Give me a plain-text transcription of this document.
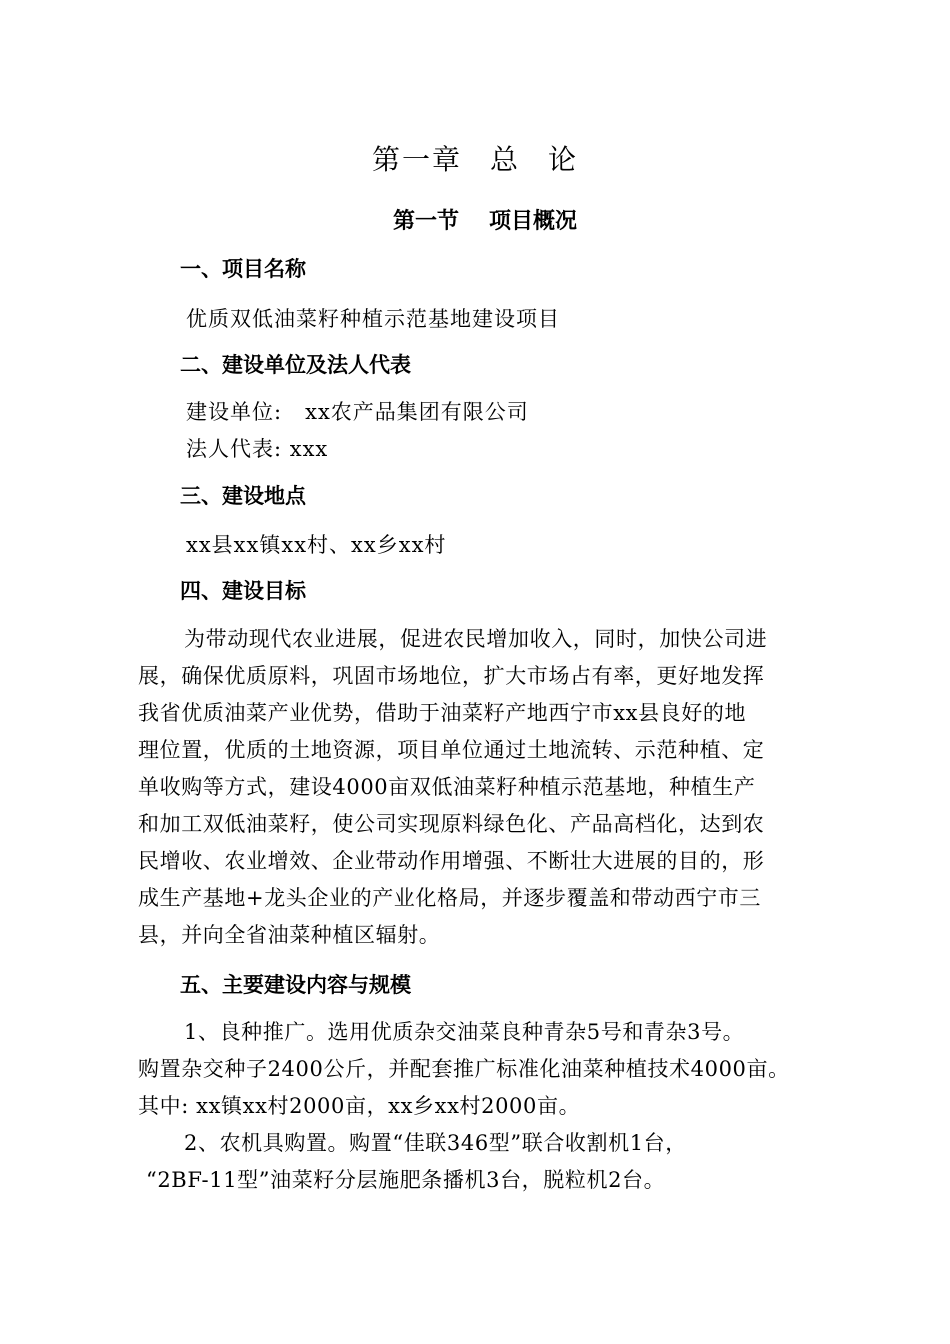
第一章 总 论
第一节 项目概况
一、项目名称
优质双低油菜籽种植示范基地建设项目
二、建设单位及法人代表
建设单位:   xx农产品集团有限公司
法人代表: xxx
三、建设地点
xx县xx镇xx村、xx乡xx村
四、建设目标
为带动现代农业进展，促进农民增加收入，同时，加快公司进
展，确保优质原料，巩固市场地位，扩大市场占有率，更好地发挥
我省优质油菜产业优势，借助于油菜籽产地西宁市xx县良好的地
理位置，优质的土地资源，项目单位通过土地流转、示范种植、定
单收购等方式，建设4000亩双低油菜籽种植示范基地，种植生产
和加工双低油菜籽，使公司实现原料绿色化、产品高档化，达到农
民增收、农业增效、企业带动作用增强、不断壮大进展的目的，形
成生产基地+龙头企业的产业化格局，并逐步覆盖和带动西宁市三
县，并向全省油菜种植区辐射。
五、主要建设内容与规模
1、良种推广。选用优质杂交油菜良种青杂5号和青杂3号。
购置杂交种子2400公斤，并配套推广标准化油菜种植技术4000亩。
其中: xx镇xx村2000亩，xx乡xx村2000亩。
2、农机具购置。购置“佳联346型”联合收割机1台，
“2BF-11型”油菜籽分层施肥条播机3台，脱粒机2台。
